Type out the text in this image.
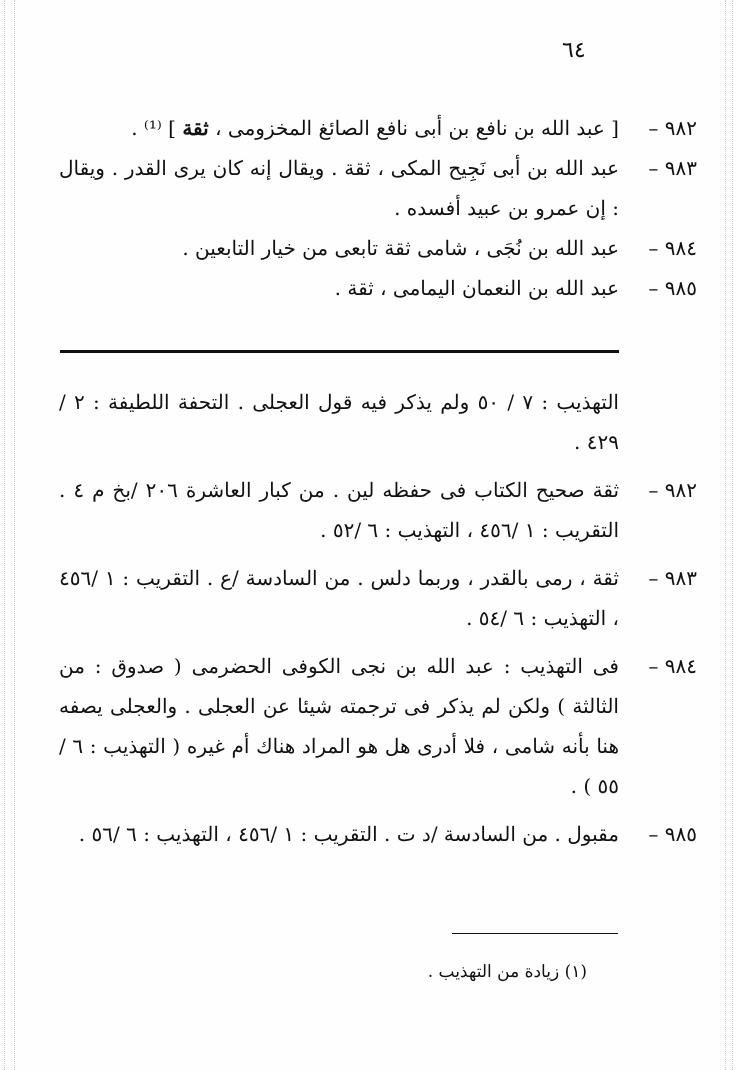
٦٤
٩٨٢ –
[ عبد الله بن نافع بن أبى نافع الصائغ المخزومى ، ثقة ] ⁽¹⁾ .
٩٨٣ –
عبد الله بن أبى نَجِيح المكى ، ثقة . ويقال إنه كان يرى القدر . ويقال : إن عمرو بن عبيد أفسده .
٩٨٤ –
عبد الله بن نُجَى ، شامى ثقة تابعى من خيار التابعين .
٩٨٥ –
عبد الله بن النعمان اليمامى ، ثقة .
التهذيب : ٧ / ٥٠ ولم يذكر فيه قول العجلى . التحفة اللطيفة : ٢ / ٤٢٩ .
٩٨٢ –
ثقة صحيح الكتاب فى حفظه لين . من كبار العاشرة ٢٠٦ /بخ م ٤ . التقريب : ١ /٤٥٦ ، التهذيب : ٦ /٥٢ .
٩٨٣ –
ثقة ، رمى بالقدر ، وربما دلس . من السادسة /ع . التقريب : ١ /٤٥٦ ، التهذيب : ٦ /٥٤ .
٩٨٤ –
فى التهذيب : عبد الله بن نجى الكوفى الحضرمى ( صدوق : من الثالثة ) ولكن لم يذكر فى ترجمته شيئا عن العجلى . والعجلى يصفه هنا بأنه شامى ، فلا أدرى هل هو المراد هناك أم غيره ( التهذيب : ٦ /٥٥ ) .
٩٨٥ –
مقبول . من السادسة /د ت . التقريب : ١ /٤٥٦ ، التهذيب : ٦ /٥٦ .
(١) زيادة من التهذيب .
